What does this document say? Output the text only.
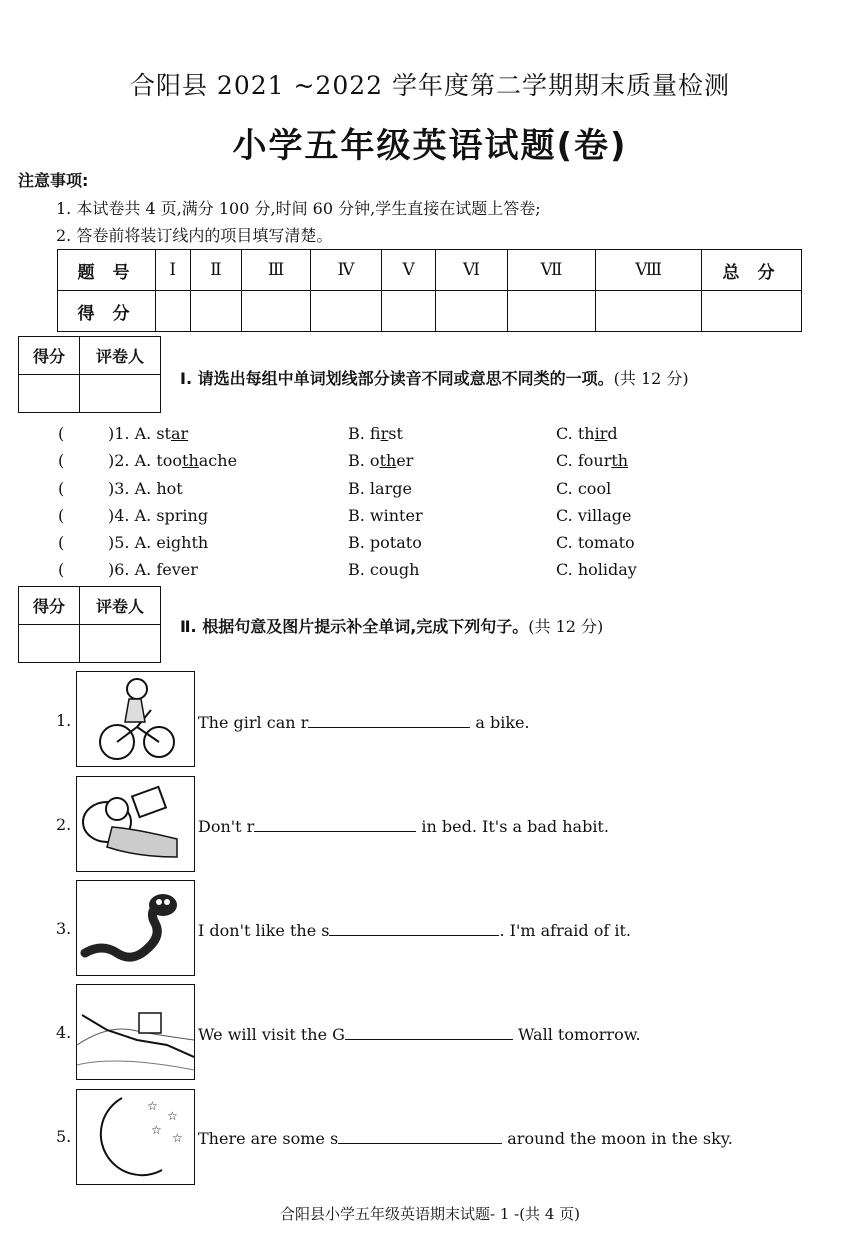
合阳县 2021 ~2022 学年度第二学期期末质量检测
小学五年级英语试题(卷)
注意事项:
1. 本试卷共 4 页,满分 100 分,时间 60 分钟,学生直接在试题上答卷;
2. 答卷前将装订线内的项目填写清楚。
题 号	Ⅰ	Ⅱ	Ⅲ	Ⅳ	Ⅴ	Ⅵ	Ⅶ	Ⅷ	总 分
得 分									
得分	评卷人

Ⅰ. 请选出每组中单词划线部分读音不同或意思不同类的一项。(共 12 分)
(	)1. A. star	B. first	C. third
(	)2. A. toothache	B. other	C. fourth
(	)3. A. hot	B. large	C. cool
(	)4. A. spring	B. winter	C. village
(	)5. A. eighth	B. potato	C. tomato
(	)6. A. fever	B. cough	C. holiday
得分	评卷人

Ⅱ. 根据句意及图片提示补全单词,完成下列句子。(共 12 分)
☆
☆
☆
☆
1.	The girl can r	a bike.
2.	Don't r	in bed. It's a bad habit.
3.	I don't like the s	. I'm afraid of it.
4.	We will visit the G	Wall tomorrow.
5.	There are some s	around the moon in the sky.
合阳县小学五年级英语期末试题- 1 -(共 4 页)
